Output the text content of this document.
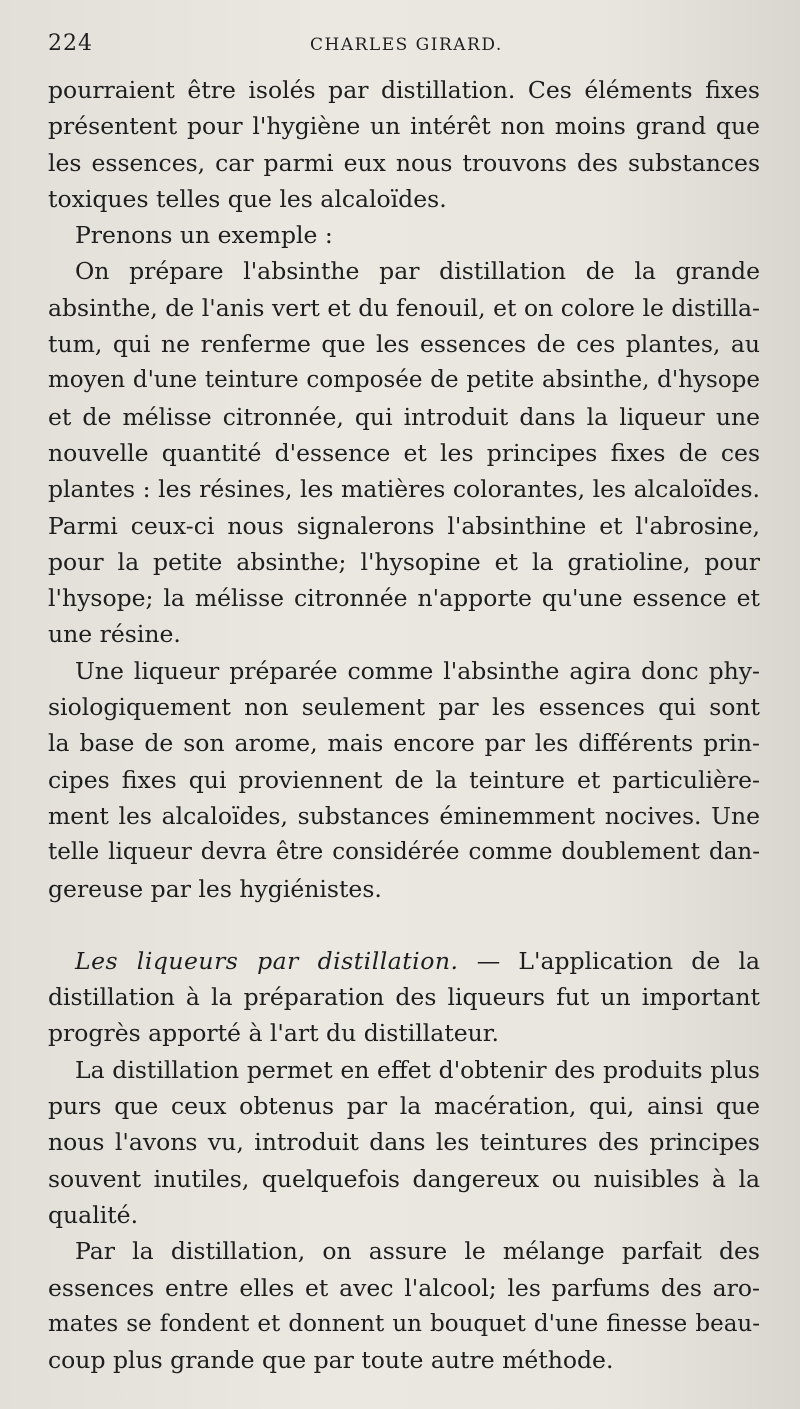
224	CHARLES GIRARD.
pourraient être isolés par distillation. Ces éléments fixes
présentent pour l'hygiène un intérêt non moins grand que
les essences, car parmi eux nous trouvons des substances
toxiques telles que les alcaloïdes.
Prenons un exemple :
On prépare l'absinthe par distillation de la grande
absinthe, de l'anis vert et du fenouil, et on colore le distilla-
tum, qui ne renferme que les essences de ces plantes, au
moyen d'une teinture composée de petite absinthe, d'hysope
et de mélisse citronnée, qui introduit dans la liqueur une
nouvelle quantité d'essence et les principes fixes de ces
plantes : les résines, les matières colorantes, les alcaloïdes.
Parmi ceux-ci nous signalerons l'absinthine et l'abrosine,
pour la petite absinthe; l'hysopine et la gratioline, pour
l'hysope; la mélisse citronnée n'apporte qu'une essence et
une résine.
Une liqueur préparée comme l'absinthe agira donc phy-
siologiquement non seulement par les essences qui sont
la base de son arome, mais encore par les différents prin-
cipes fixes qui proviennent de la teinture et particulière-
ment les alcaloïdes, substances éminemment nocives. Une
telle liqueur devra être considérée comme doublement dan-
gereuse par les hygiénistes.
Les liqueurs par distillation. — L'application de la
distillation à la préparation des liqueurs fut un important
progrès apporté à l'art du distillateur.
La distillation permet en effet d'obtenir des produits plus
purs que ceux obtenus par la macération, qui, ainsi que
nous l'avons vu, introduit dans les teintures des principes
souvent inutiles, quelquefois dangereux ou nuisibles à la
qualité.
Par la distillation, on assure le mélange parfait des
essences entre elles et avec l'alcool; les parfums des aro-
mates se fondent et donnent un bouquet d'une finesse beau-
coup plus grande que par toute autre méthode.
